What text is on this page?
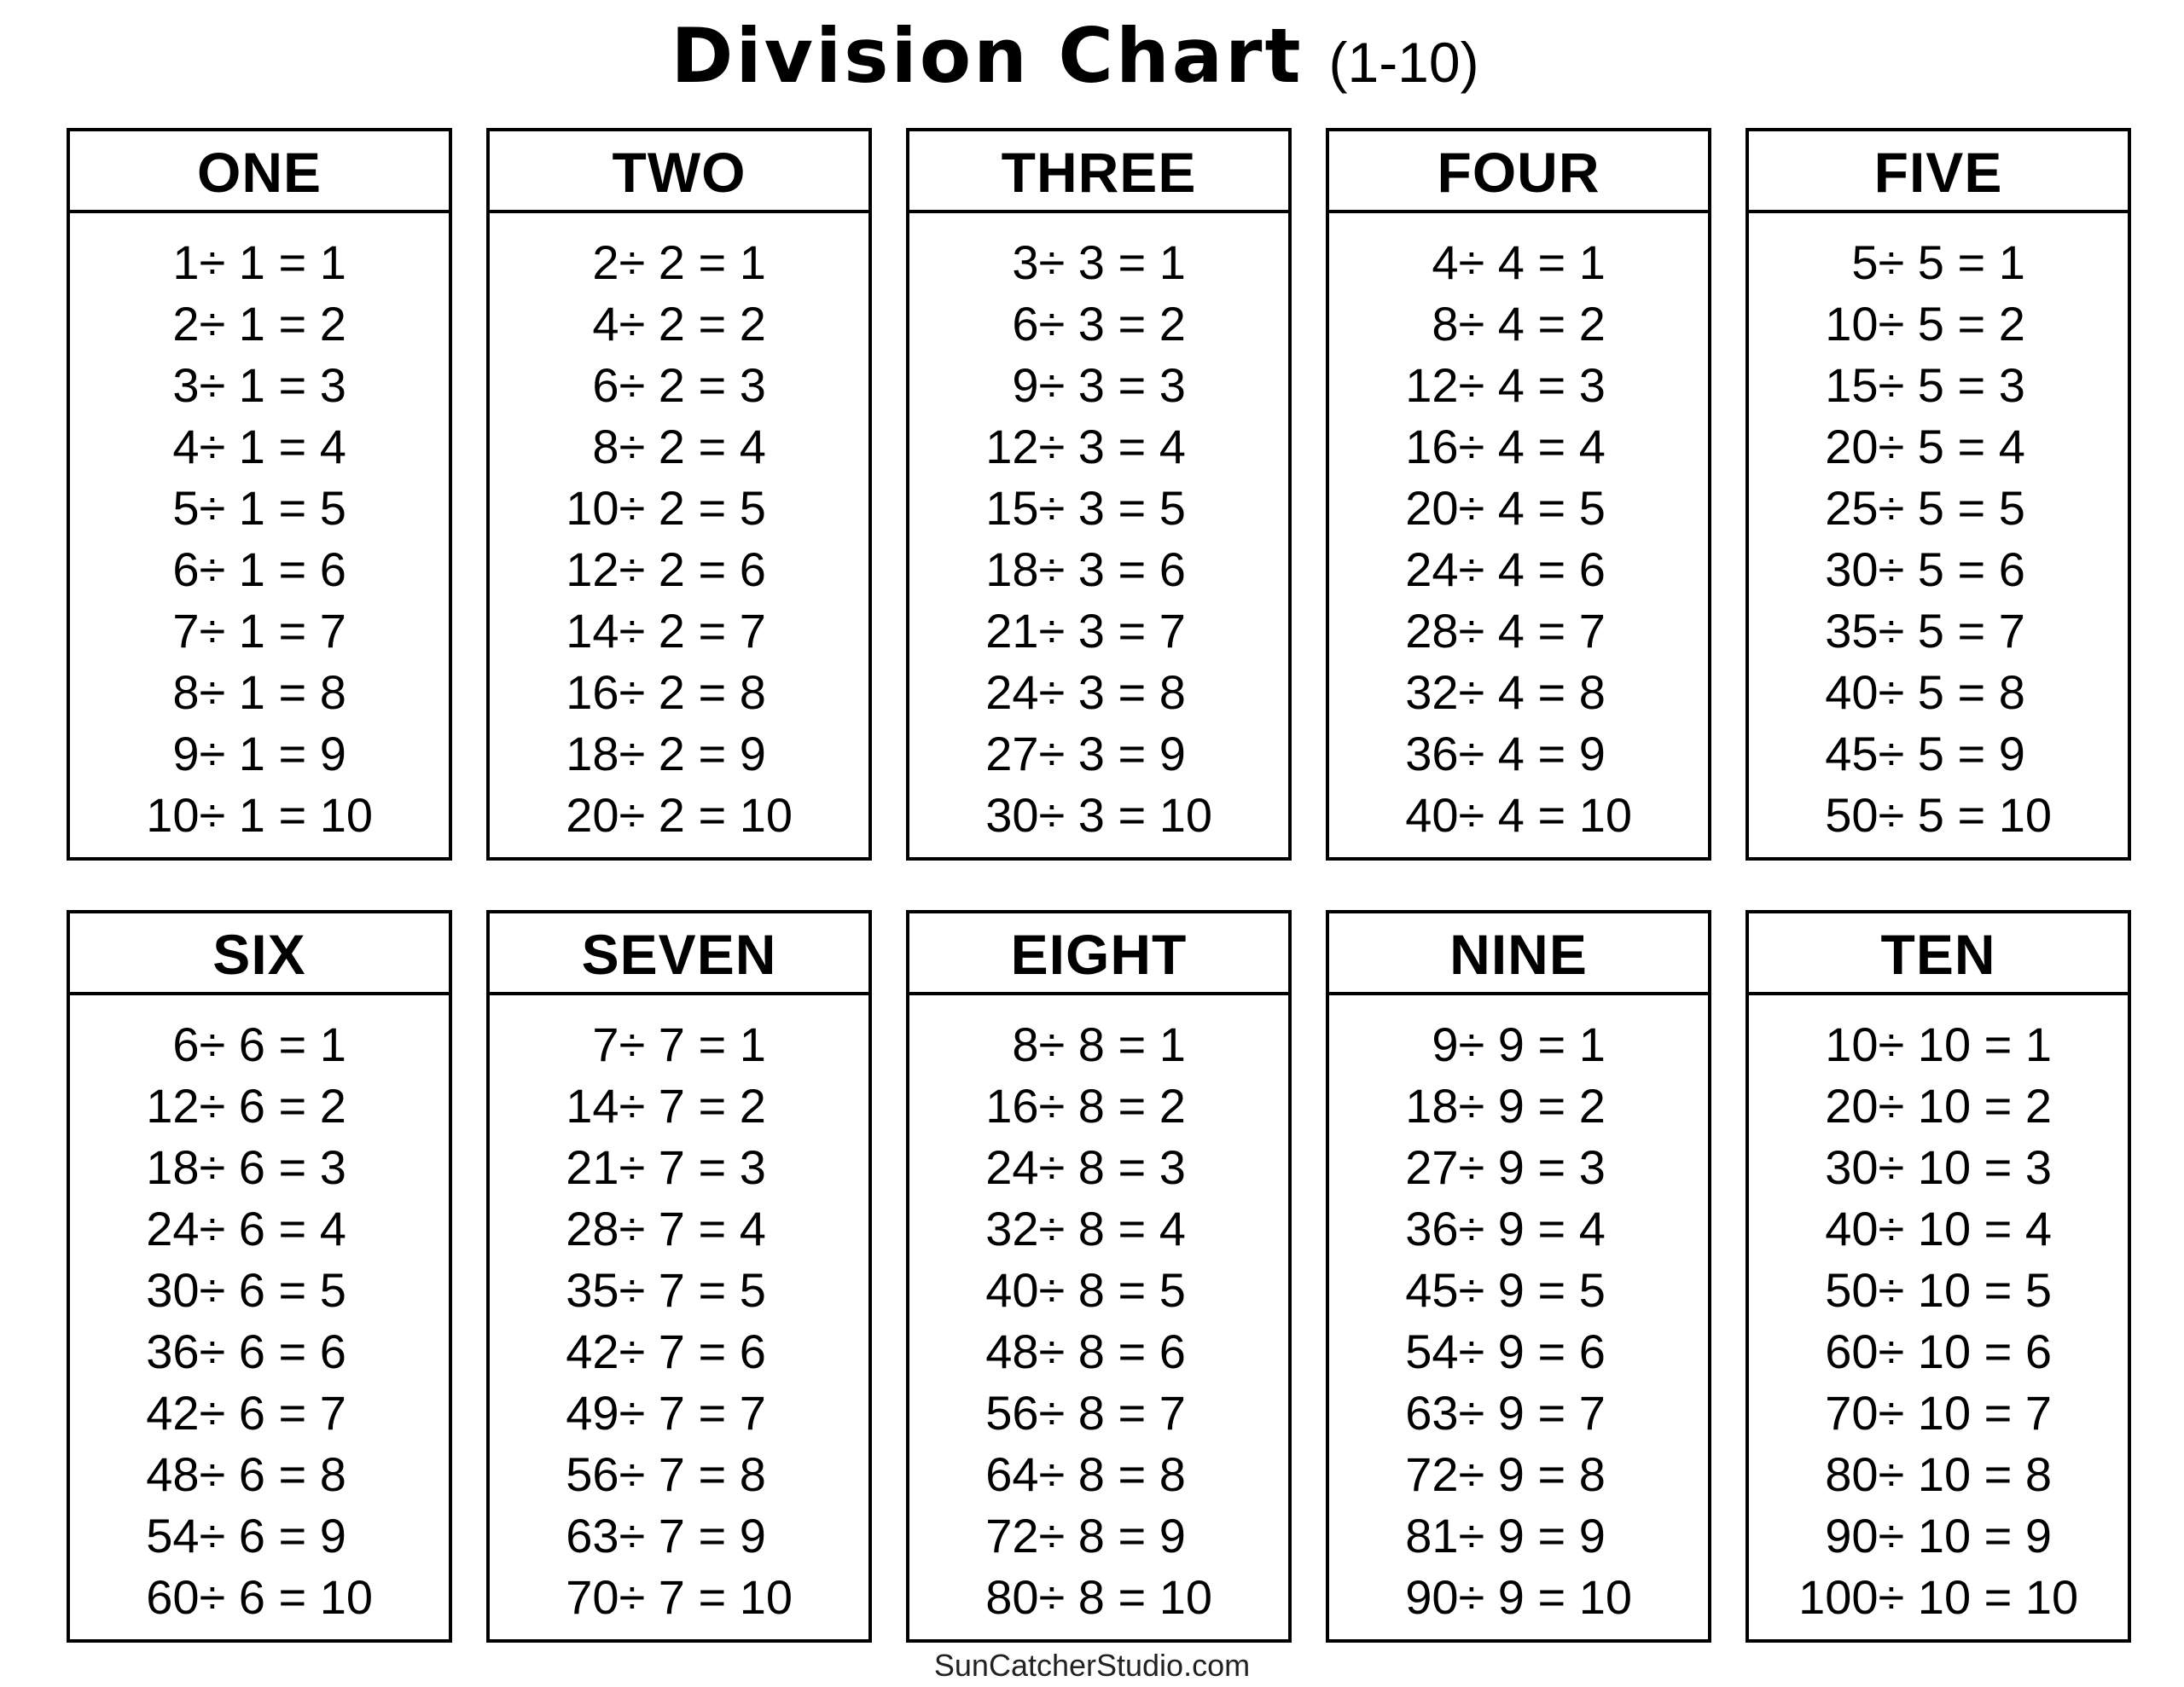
Division Chart (1-10)
ONE
1 ÷ 1 = 1
2 ÷ 1 = 2
3 ÷ 1 = 3
4 ÷ 1 = 4
5 ÷ 1 = 5
6 ÷ 1 = 6
7 ÷ 1 = 7
8 ÷ 1 = 8
9 ÷ 1 = 9
10 ÷ 1 = 10
TWO
2 ÷ 2 = 1
4 ÷ 2 = 2
6 ÷ 2 = 3
8 ÷ 2 = 4
10 ÷ 2 = 5
12 ÷ 2 = 6
14 ÷ 2 = 7
16 ÷ 2 = 8
18 ÷ 2 = 9
20 ÷ 2 = 10
THREE
3 ÷ 3 = 1
6 ÷ 3 = 2
9 ÷ 3 = 3
12 ÷ 3 = 4
15 ÷ 3 = 5
18 ÷ 3 = 6
21 ÷ 3 = 7
24 ÷ 3 = 8
27 ÷ 3 = 9
30 ÷ 3 = 10
FOUR
4 ÷ 4 = 1
8 ÷ 4 = 2
12 ÷ 4 = 3
16 ÷ 4 = 4
20 ÷ 4 = 5
24 ÷ 4 = 6
28 ÷ 4 = 7
32 ÷ 4 = 8
36 ÷ 4 = 9
40 ÷ 4 = 10
FIVE
5 ÷ 5 = 1
10 ÷ 5 = 2
15 ÷ 5 = 3
20 ÷ 5 = 4
25 ÷ 5 = 5
30 ÷ 5 = 6
35 ÷ 5 = 7
40 ÷ 5 = 8
45 ÷ 5 = 9
50 ÷ 5 = 10
SIX
6 ÷ 6 = 1
12 ÷ 6 = 2
18 ÷ 6 = 3
24 ÷ 6 = 4
30 ÷ 6 = 5
36 ÷ 6 = 6
42 ÷ 6 = 7
48 ÷ 6 = 8
54 ÷ 6 = 9
60 ÷ 6 = 10
SEVEN
7 ÷ 7 = 1
14 ÷ 7 = 2
21 ÷ 7 = 3
28 ÷ 7 = 4
35 ÷ 7 = 5
42 ÷ 7 = 6
49 ÷ 7 = 7
56 ÷ 7 = 8
63 ÷ 7 = 9
70 ÷ 7 = 10
EIGHT
8 ÷ 8 = 1
16 ÷ 8 = 2
24 ÷ 8 = 3
32 ÷ 8 = 4
40 ÷ 8 = 5
48 ÷ 8 = 6
56 ÷ 8 = 7
64 ÷ 8 = 8
72 ÷ 8 = 9
80 ÷ 8 = 10
NINE
9 ÷ 9 = 1
18 ÷ 9 = 2
27 ÷ 9 = 3
36 ÷ 9 = 4
45 ÷ 9 = 5
54 ÷ 9 = 6
63 ÷ 9 = 7
72 ÷ 9 = 8
81 ÷ 9 = 9
90 ÷ 9 = 10
TEN
10 ÷ 10 = 1
20 ÷ 10 = 2
30 ÷ 10 = 3
40 ÷ 10 = 4
50 ÷ 10 = 5
60 ÷ 10 = 6
70 ÷ 10 = 7
80 ÷ 10 = 8
90 ÷ 10 = 9
100 ÷ 10 = 10
SunCatcherStudio.com
